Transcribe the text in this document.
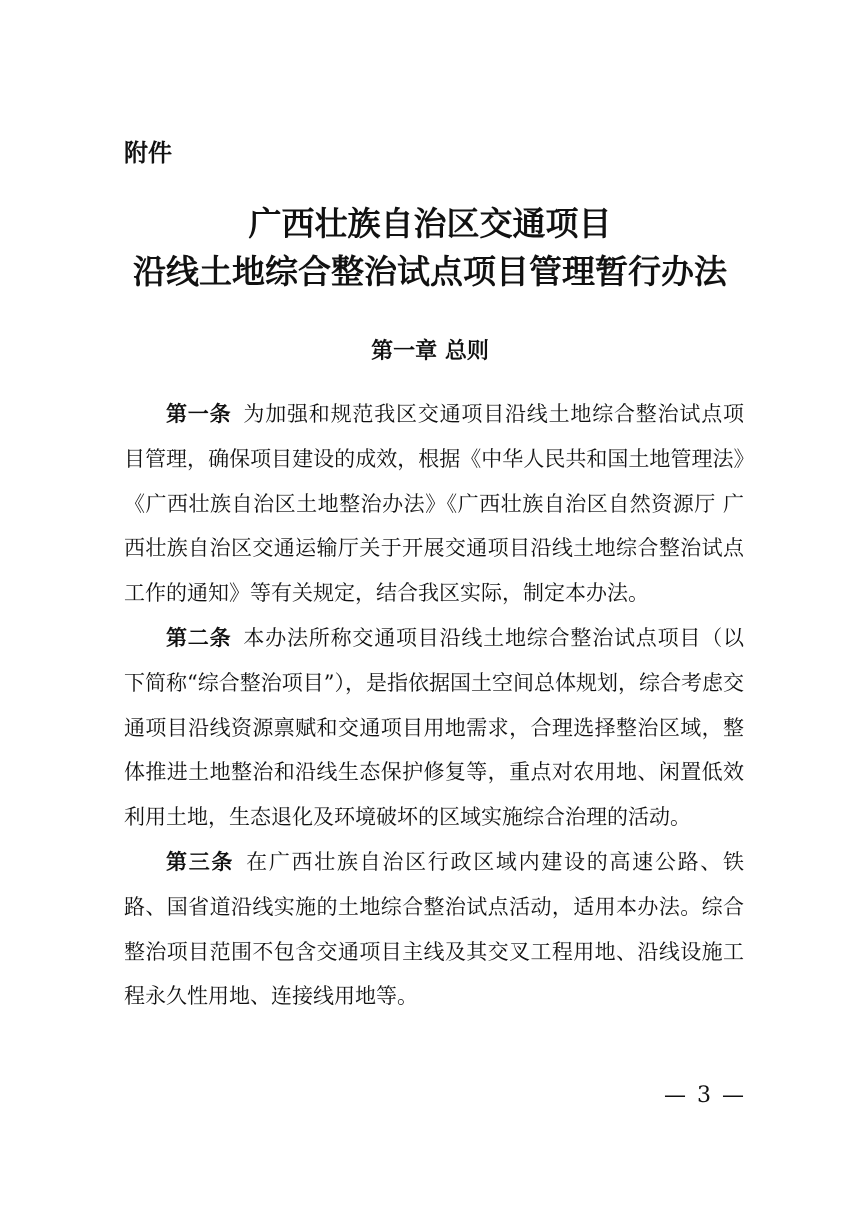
附件

广西壮族自治区交通项目
沿线土地综合整治试点项目管理暂行办法
第一章 总则

第一条 为加强和规范我区交通项目沿线土地综合整治试点项目管理，确保项目建设的成效，根据《中华人民共和国土地管理法》《广西壮族自治区土地整治办法》《广西壮族自治区自然资源厅 广西壮族自治区交通运输厅关于开展交通项目沿线土地综合整治试点工作的通知》等有关规定，结合我区实际，制定本办法。

第二条 本办法所称交通项目沿线土地综合整治试点项目（以下简称“综合整治项目”），是指依据国土空间总体规划，综合考虑交通项目沿线资源禀赋和交通项目用地需求，合理选择整治区域，整体推进土地整治和沿线生态保护修复等，重点对农用地、闲置低效利用土地，生态退化及环境破坏的区域实施综合治理的活动。

第三条 在广西壮族自治区行政区域内建设的高速公路、铁路、国省道沿线实施的土地综合整治试点活动，适用本办法。综合整治项目范围不包含交通项目主线及其交叉工程用地、沿线设施工程永久性用地、连接线用地等。

— 3 —
